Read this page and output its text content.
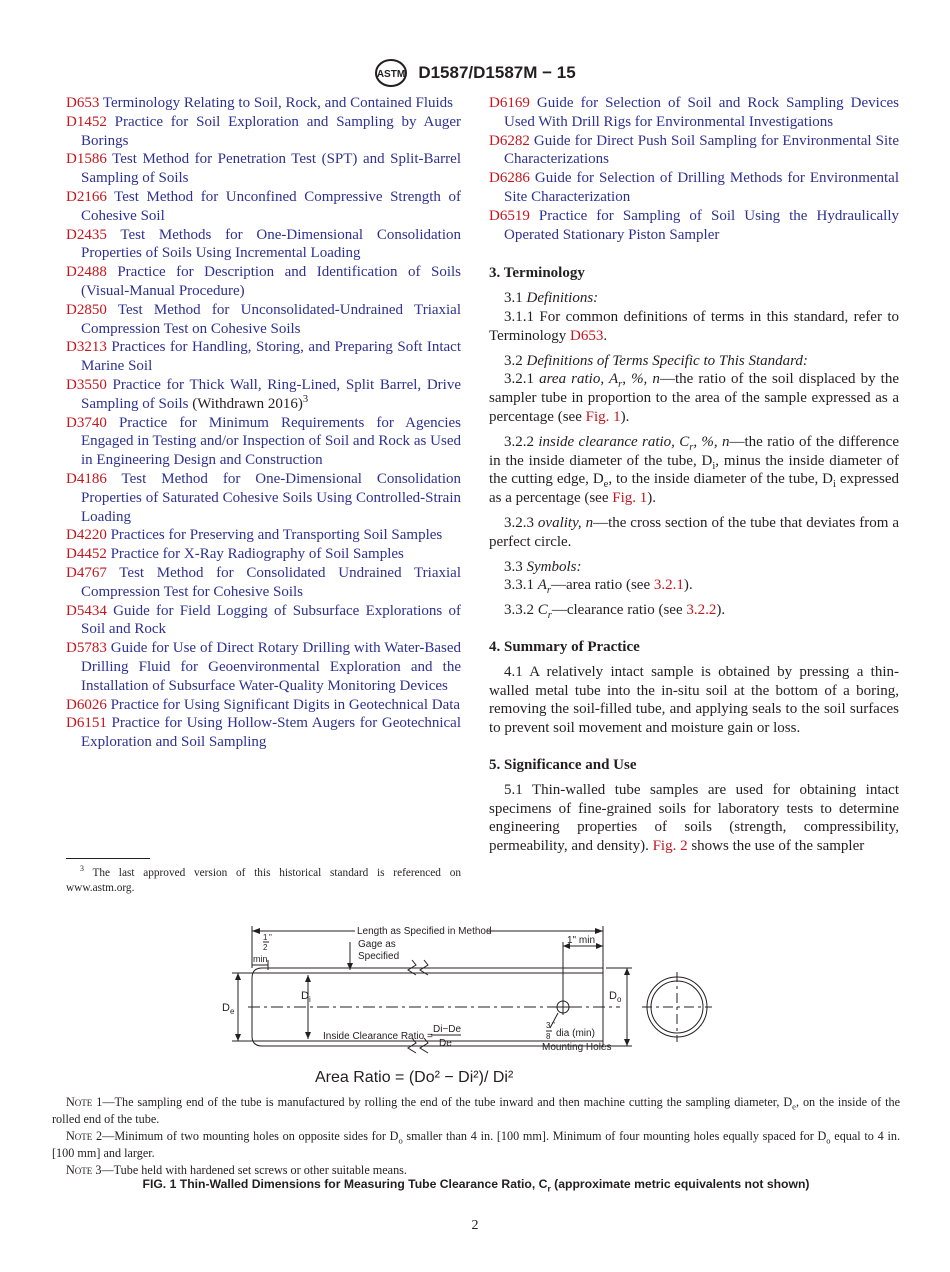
ASTM D1587/D1587M − 15
D653 Terminology Relating to Soil, Rock, and Contained Fluids
D1452 Practice for Soil Exploration and Sampling by Auger Borings
D1586 Test Method for Penetration Test (SPT) and Split-Barrel Sampling of Soils
D2166 Test Method for Unconfined Compressive Strength of Cohesive Soil
D2435 Test Methods for One-Dimensional Consolidation Properties of Soils Using Incremental Loading
D2488 Practice for Description and Identification of Soils (Visual-Manual Procedure)
D2850 Test Method for Unconsolidated-Undrained Triaxial Compression Test on Cohesive Soils
D3213 Practices for Handling, Storing, and Preparing Soft Intact Marine Soil
D3550 Practice for Thick Wall, Ring-Lined, Split Barrel, Drive Sampling of Soils (Withdrawn 2016)$^3$
D3740 Practice for Minimum Requirements for Agencies Engaged in Testing and/or Inspection of Soil and Rock as Used in Engineering Design and Construction
D4186 Test Method for One-Dimensional Consolidation Properties of Saturated Cohesive Soils Using Controlled-Strain Loading
D4220 Practices for Preserving and Transporting Soil Samples
D4452 Practice for X-Ray Radiography of Soil Samples
D4767 Test Method for Consolidated Undrained Triaxial Compression Test for Cohesive Soils
D5434 Guide for Field Logging of Subsurface Explorations of Soil and Rock
D5783 Guide for Use of Direct Rotary Drilling with Water-Based Drilling Fluid for Geoenvironmental Exploration and the Installation of Subsurface Water-Quality Monitoring Devices
D6026 Practice for Using Significant Digits in Geotechnical Data
D6151 Practice for Using Hollow-Stem Augers for Geotechnical Exploration and Soil Sampling
$^3$ The last approved version of this historical standard is referenced on www.astm.org.
D6169 Guide for Selection of Soil and Rock Sampling Devices Used With Drill Rigs for Environmental Investigations
D6282 Guide for Direct Push Soil Sampling for Environmental Site Characterizations
D6286 Guide for Selection of Drilling Methods for Environmental Site Characterization
D6519 Practice for Sampling of Soil Using the Hydraulically Operated Stationary Piston Sampler
3. Terminology

3.1 Definitions:

3.1.1 For common definitions of terms in this standard, refer to Terminology D653.

3.2 Definitions of Terms Specific to This Standard:

3.2.1 area ratio, $A_r$, %, n—the ratio of the soil displaced by the sampler tube in proportion to the area of the sample expressed as a percentage (see Fig. 1).

3.2.2 inside clearance ratio, $C_r$, %, n—the ratio of the difference in the inside diameter of the tube, $D_i$, minus the inside diameter of the cutting edge, $D_e$, to the inside diameter of the tube, $D_i$ expressed as a percentage (see Fig. 1).

3.2.3 ovality, n—the cross section of the tube that deviates from a perfect circle.

3.3 Symbols:

3.3.1 $A_r—area$ ratio (see 3.2.1).

3.3.2 $C_r—clearance$ ratio (see 3.2.2).

4. Summary of Practice

4.1 A relatively intact sample is obtained by pressing a thin-walled metal tube into the in-situ soil at the bottom of a boring, removing the soil-filled tube, and applying seals to the soil surfaces to prevent soil movement and moisture gain or loss.

5. Significance and Use

5.1 Thin-walled tube samples are used for obtaining intact specimens of fine-grained soils for laboratory tests to determine engineering properties of soils (strength, compressibility, permeability, and density). Fig. 2 shows the use of the sampler

Length as Specified in Method
1" min
1 "
2
min
Gage as
Specified
$D_e$
$D_i$	$D_o$
Inside Clearance Ratio =
Di−De
De
3 "
8 dia (min)
Mounting Holes
Area Ratio = (Do² − Di²)/ Di²

Note 1—The sampling end of the tube is manufactured by rolling the end of the tube inward and then machine cutting the sampling diameter, $D_e$, on the inside of the rolled end of the tube.

Note 2—Minimum of two mounting holes on opposite sides for $D_o$ smaller than 4 in. [100 mm]. Minimum of four mounting holes equally spaced for $D_o$ equal to 4 in. [100 mm] and larger.

Note 3—Tube held with hardened set screws or other suitable means.

FIG. 1 Thin-Walled Dimensions for Measuring Tube Clearance Ratio, $C_r$ (approximate metric equivalents not shown)
2
